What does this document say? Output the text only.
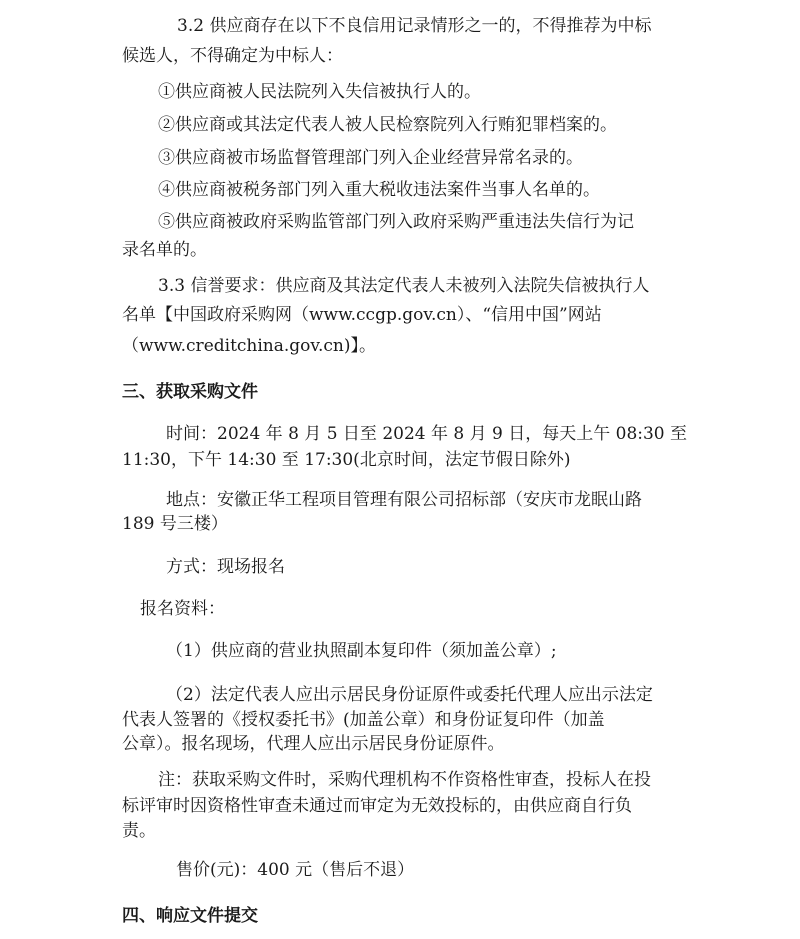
3.2 供应商存在以下不良信用记录情形之一的，不得推荐为中标
候选人，不得确定为中标人：
①供应商被人民法院列入失信被执行人的。
②供应商或其法定代表人被人民检察院列入行贿犯罪档案的。
③供应商被市场监督管理部门列入企业经营异常名录的。
④供应商被税务部门列入重大税收违法案件当事人名单的。
⑤供应商被政府采购监管部门列入政府采购严重违法失信行为记
录名单的。
3.3 信誉要求：供应商及其法定代表人未被列入法院失信被执行人
名单【中国政府采购网（www.ccgp.gov.cn）、“信用中国”网站
（www.creditchina.gov.cn)】。
三、获取采购文件
时间：2024 年 8 月 5 日至 2024 年 8 月 9 日，每天上午 08:30 至
11:30，下午 14:30 至 17:30(北京时间，法定节假日除外)
地点：安徽正华工程项目管理有限公司招标部（安庆市龙眠山路
189 号三楼）
方式：现场报名
报名资料：
（1）供应商的营业执照副本复印件（须加盖公章）;
（2）法定代表人应出示居民身份证原件或委托代理人应出示法定
代表人签署的《授权委托书》(加盖公章）和身份证复印件（加盖
公章）。报名现场，代理人应出示居民身份证原件。
注：获取采购文件时，采购代理机构不作资格性审查，投标人在投
标评审时因资格性审查未通过而审定为无效投标的，由供应商自行负
责。
售价(元)：400 元（售后不退）
四、响应文件提交
